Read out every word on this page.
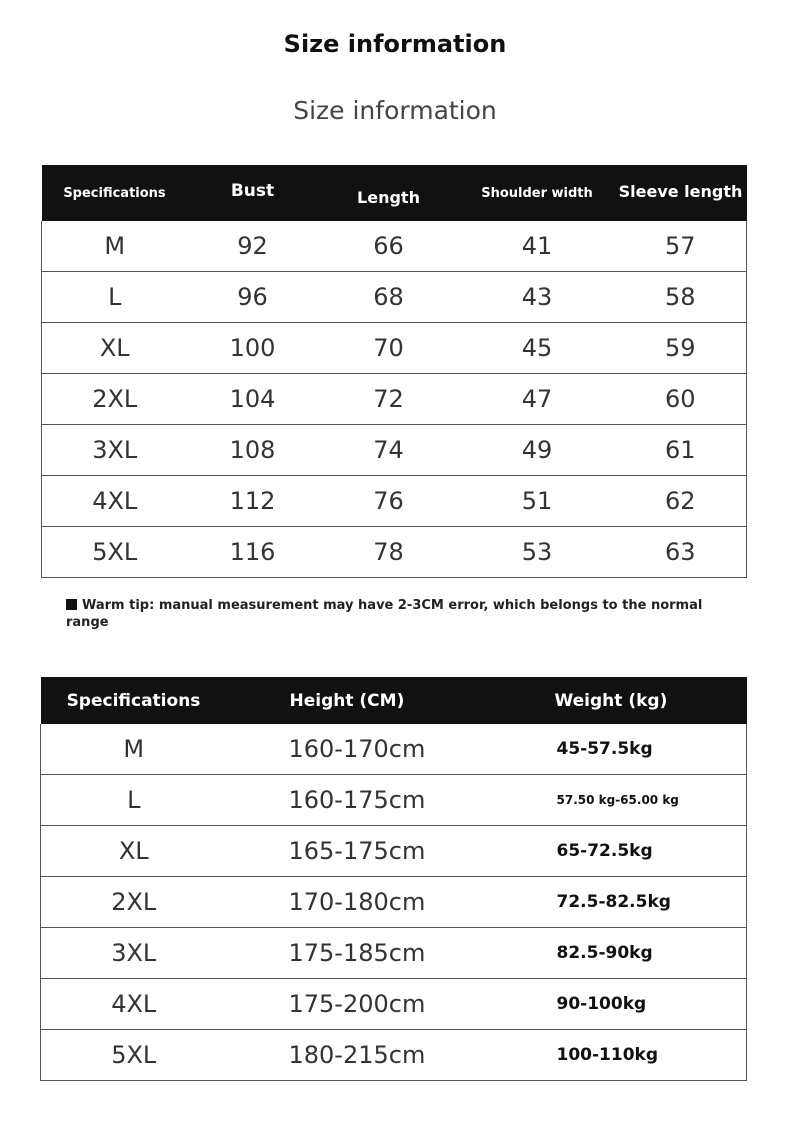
Size information
Size information
Specifications	Bust	Length	Shoulder width	Sleeve length
M	92	66	41	57
L	96	68	43	58
XL	100	70	45	59
2XL	104	72	47	60
3XL	108	74	49	61
4XL	112	76	51	62
5XL	116	78	53	63
Warm tip: manual measurement may have 2-3CM error, which belongs to the normal range
Specifications	Height (CM)	Weight (kg)
M	160-170cm	45-57.5kg
L	160-175cm	57.50 kg-65.00 kg
XL	165-175cm	65-72.5kg
2XL	170-180cm	72.5-82.5kg
3XL	175-185cm	82.5-90kg
4XL	175-200cm	90-100kg
5XL	180-215cm	100-110kg
